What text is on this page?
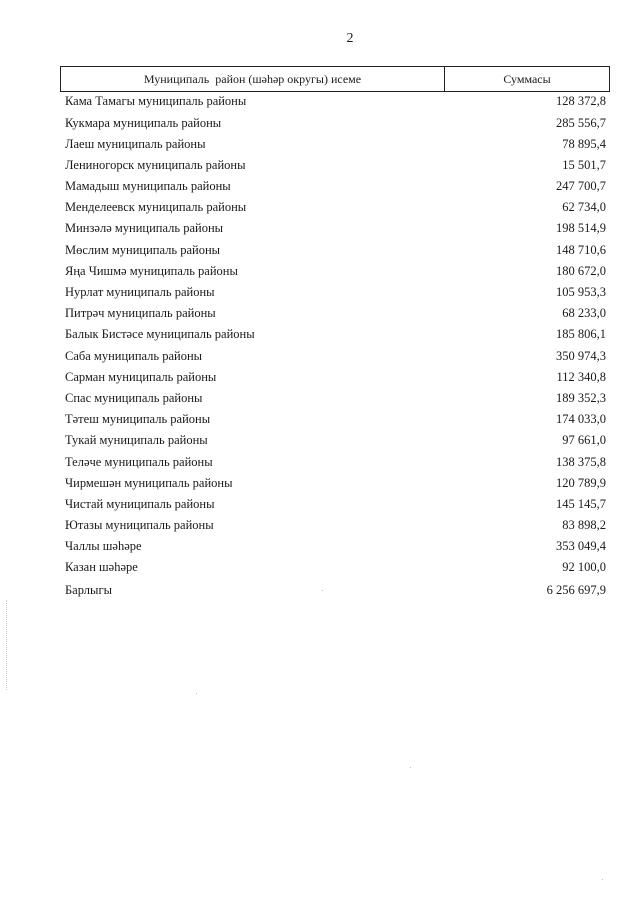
2
Муниципаль  район (шәһәр округы) исеме	Суммасы
Кама Тамагы муниципаль районы	128 372,8
Кукмара муниципаль районы	285 556,7
Лаеш муниципаль районы	78 895,4
Лениногорск муниципаль районы	15 501,7
Мамадыш муниципаль районы	247 700,7
Менделеевск муниципаль районы	62 734,0
Минзәлә муниципаль районы	198 514,9
Мөслим муниципаль районы	148 710,6
Яңа Чишмә муниципаль районы	180 672,0
Нурлат муниципаль районы	105 953,3
Питрәч муниципаль районы	68 233,0
Балык Бистәсе муниципаль районы	185 806,1
Саба муниципаль районы	350 974,3
Сарман муниципаль районы	112 340,8
Спас муниципаль районы	189 352,3
Тәтеш муниципаль районы	174 033,0
Тукай муниципаль районы	97 661,0
Теләче муниципаль районы	138 375,8
Чирмешән муниципаль районы	120 789,9
Чистай муниципаль районы	145 145,7
Ютазы муниципаль районы	83 898,2
Чаллы шәһәре	353 049,4
Казан шәһәре	92 100,0
Барлыгы	6 256 697,9
